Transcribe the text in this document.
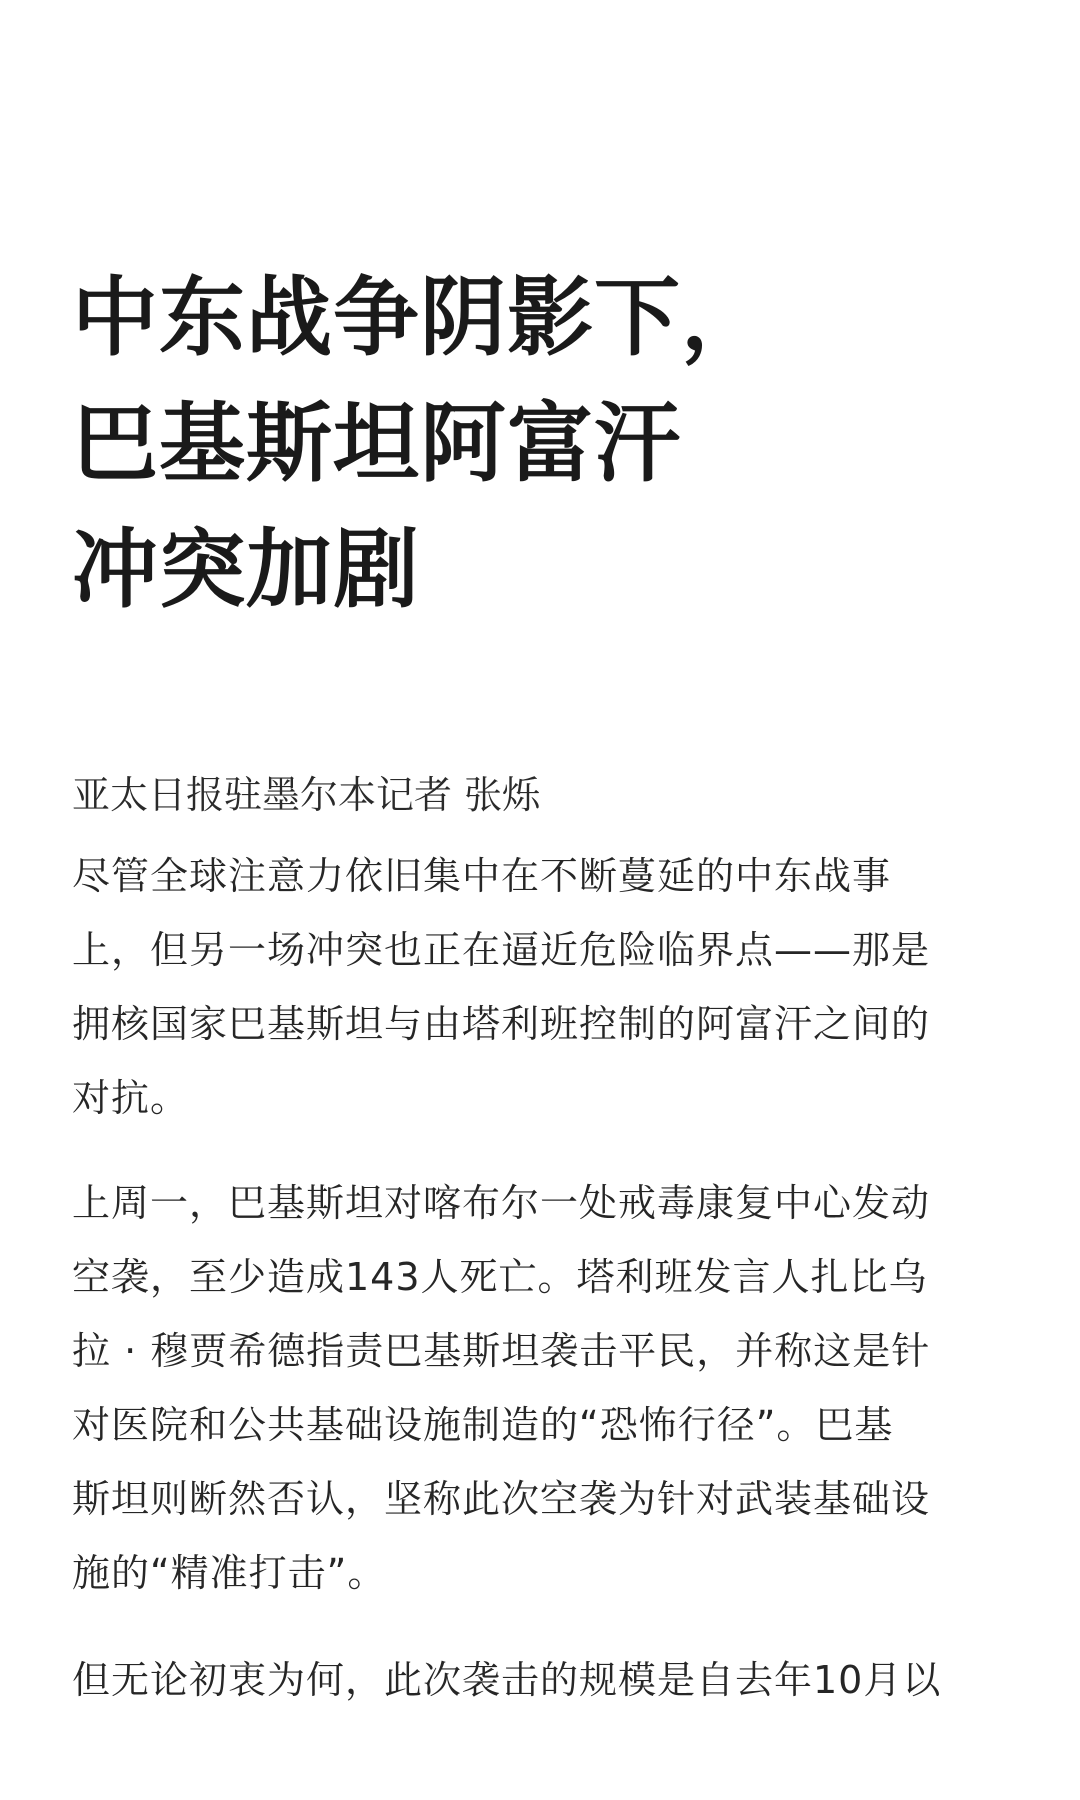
中东战争阴影下，
巴基斯坦阿富汗
冲突加剧

亚太日报驻墨尔本记者 张烁

尽管全球注意力依旧集中在不断蔓延的中东战事
上，但另一场冲突也正在逼近危险临界点——那是
拥核国家巴基斯坦与由塔利班控制的阿富汗之间的
对抗。

上周一，巴基斯坦对喀布尔一处戒毒康复中心发动
空袭，至少造成143人死亡。塔利班发言人扎比乌
拉 · 穆贾希德指责巴基斯坦袭击平民，并称这是针
对医院和公共基础设施制造的“恐怖行径”。巴基
斯坦则断然否认，坚称此次空袭为针对武装基础设
施的“精准打击”。

但无论初衷为何，此次袭击的规模是自去年10月以
